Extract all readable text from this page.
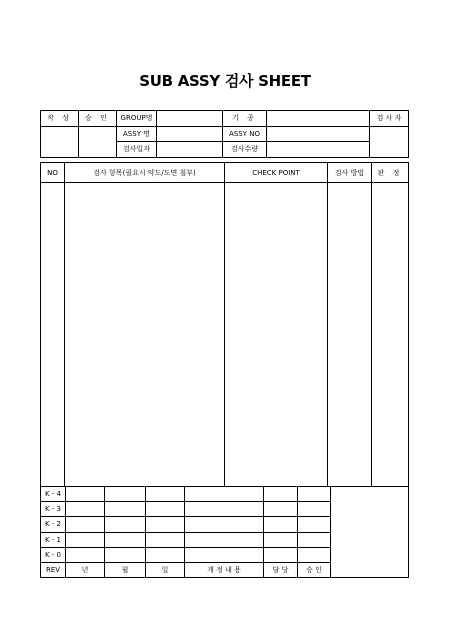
SUB ASSY 검사 SHEET
작 성	승 인	GROUP명		기 종		검 사 자
		ASSY 명		ASSY NO		
		검사일자		검사수량		
NO	검사 항목(필요시 약도/도면 첨부)	CHECK POINT	검사 방법	판 정

K - 4							
K - 3							
K - 2							
K - 1							
K - 0							
REV	년	월	일	개 정 내 용	담 당	승 인	
